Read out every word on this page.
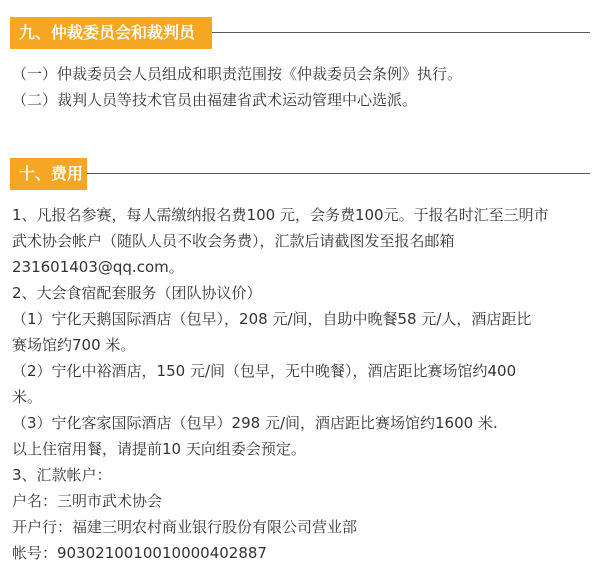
九、仲裁委员会和裁判员

（一）仲裁委员会人员组成和职责范围按《仲裁委员会条例》执行。

（二）裁判人员等技术官员由福建省武术运动管理中心选派。

十、费用

1、凡报名参赛，每人需缴纳报名费100 元，会务费100元。于报名时汇至三明市

武术协会帐户（随队人员不收会务费），汇款后请截图发至报名邮箱

231601403@qq.com。

2、大会食宿配套服务（团队协议价）

（1）宁化天鹅国际酒店（包早），208 元/间，自助中晚餐58 元/人，酒店距比

赛场馆约700 米。

（2）宁化中裕酒店，150 元/间（包早，无中晚餐），酒店距比赛场馆约400

米。

（3）宁化客家国际酒店（包早）298 元/间，酒店距比赛场馆约1600 米.

以上住宿用餐，请提前10 天向组委会预定。

3、汇款帐户：

户名：三明市武术协会

开户行：福建三明农村商业银行股份有限公司营业部

帐号：9030210010010000402887
